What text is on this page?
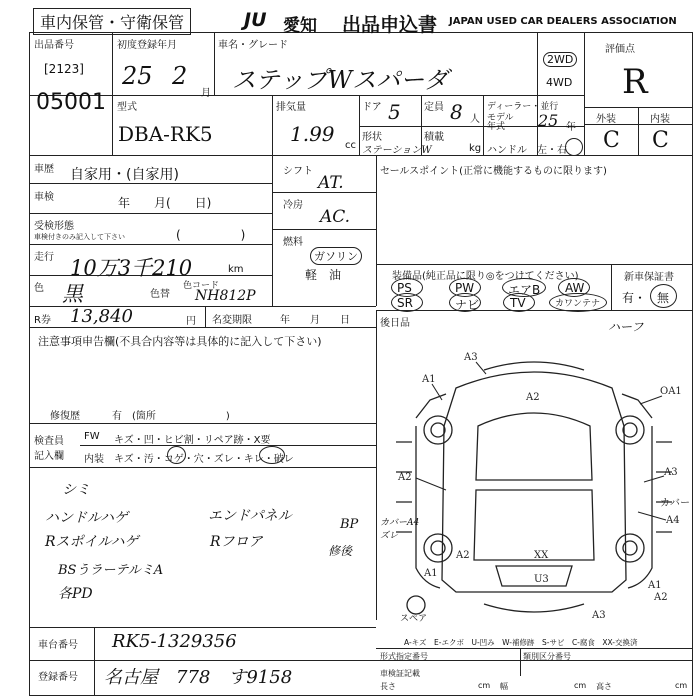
車内保管・守衛保管	JU 愛知 出品申込書 JAPAN USED CAR DEALERS ASSOCIATION
出品番号
[2123]
05001
初度登録年月
25 2
月
車名・グレード
ステップWスパーダ
2WD
4WD
評価点
R
型式
DBA-RK5
排気量
1.99 cc
ドア 5 定員 8 人
ディーラー・並行
モデル
年式	25 年
形状
ステーションW
積載
kg ハンドル 左・右
外装	内装
C C
車歴 自家用・(自家用)
車検	年　　月(　　日)
受検形態
車検付きのみ記入して下さい	(　　　　　)
走行 10万3千210	km
色 黒	色替
色コード
NH812P
シフト
AT.
冷房
AC.
燃料
ガソリン
軽　油
セールスポイント(正常に機能するものに限ります)
装備品(純正品に限り◎をつけてください)
PS	PW	エアB AW
SR	ナビ	TV	カワンテナ
新車保証書
有・ 無
R券 13,840	円 名変期限	年　　月　　日	後日品	ハーフ
注意事項申告欄(不具合内容等は具体的に記入して下さい)
修復歴	有　(箇所　　　　　　　)
検査員
記入欄
FW キズ・凹・ヒビ割・リペア跡・X要
内装 キズ・汚・コゲ・穴・ズレ・キレ・破レ
シミ
ハンドルハゲ
Rスポイルハゲ
BSうラーテルミA
各PD
エンドパネル
Rフロア
BP
修後
カバーA4ズレ
A3
A1
A2
OA1
A2
A1
A3
A4
A3
XX
U3
A1
A2
A2
カバー
スペア
A-キズ　E-エクボ　U-凹み　W-補修跡　S-サビ　C-腐食　XX-交換済
車台番号 RK5-1329356
登録番号 名古屋　778　す9158
形式指定番号	類別区分番号
車検証記載
長さ	cm 幅	cm 高さ	cm
